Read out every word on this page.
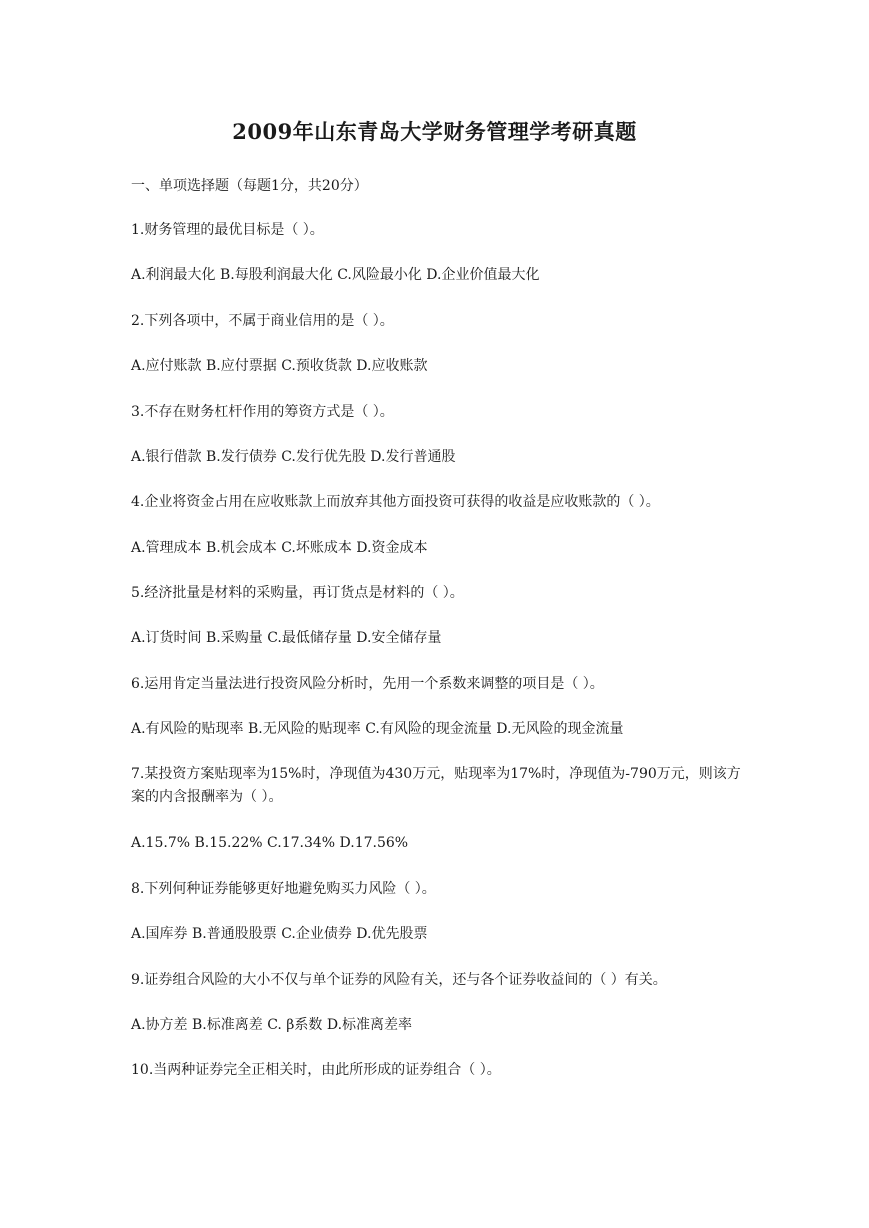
2009年山东青岛大学财务管理学考研真题
一、单项选择题（每题1分，共20分）
1.财务管理的最优目标是（ ）。
A.利润最大化 B.每股利润最大化 C.风险最小化 D.企业价值最大化
2.下列各项中，不属于商业信用的是（ ）。
A.应付账款 B.应付票据 C.预收货款 D.应收账款
3.不存在财务杠杆作用的筹资方式是（ ）。
A.银行借款 B.发行债券 C.发行优先股 D.发行普通股
4.企业将资金占用在应收账款上而放弃其他方面投资可获得的收益是应收账款的（ ）。
A.管理成本 B.机会成本 C.坏账成本 D.资金成本
5.经济批量是材料的采购量，再订货点是材料的（ ）。
A.订货时间 B.采购量 C.最低储存量 D.安全储存量
6.运用肯定当量法进行投资风险分析时，先用一个系数来调整的项目是（ ）。
A.有风险的贴现率 B.无风险的贴现率 C.有风险的现金流量 D.无风险的现金流量
7.某投资方案贴现率为15%时，净现值为430万元，贴现率为17%时，净现值为-790万元，则该方案的内含报酬率为（ ）。
A.15.7% B.15.22% C.17.34% D.17.56%
8.下列何种证券能够更好地避免购买力风险（ ）。
A.国库券 B.普通股股票 C.企业债券 D.优先股票
9.证券组合风险的大小不仅与单个证券的风险有关，还与各个证券收益间的（ ）有关。
A.协方差 B.标准离差 C. β系数 D.标准离差率
10.当两种证券完全正相关时，由此所形成的证券组合（ ）。
